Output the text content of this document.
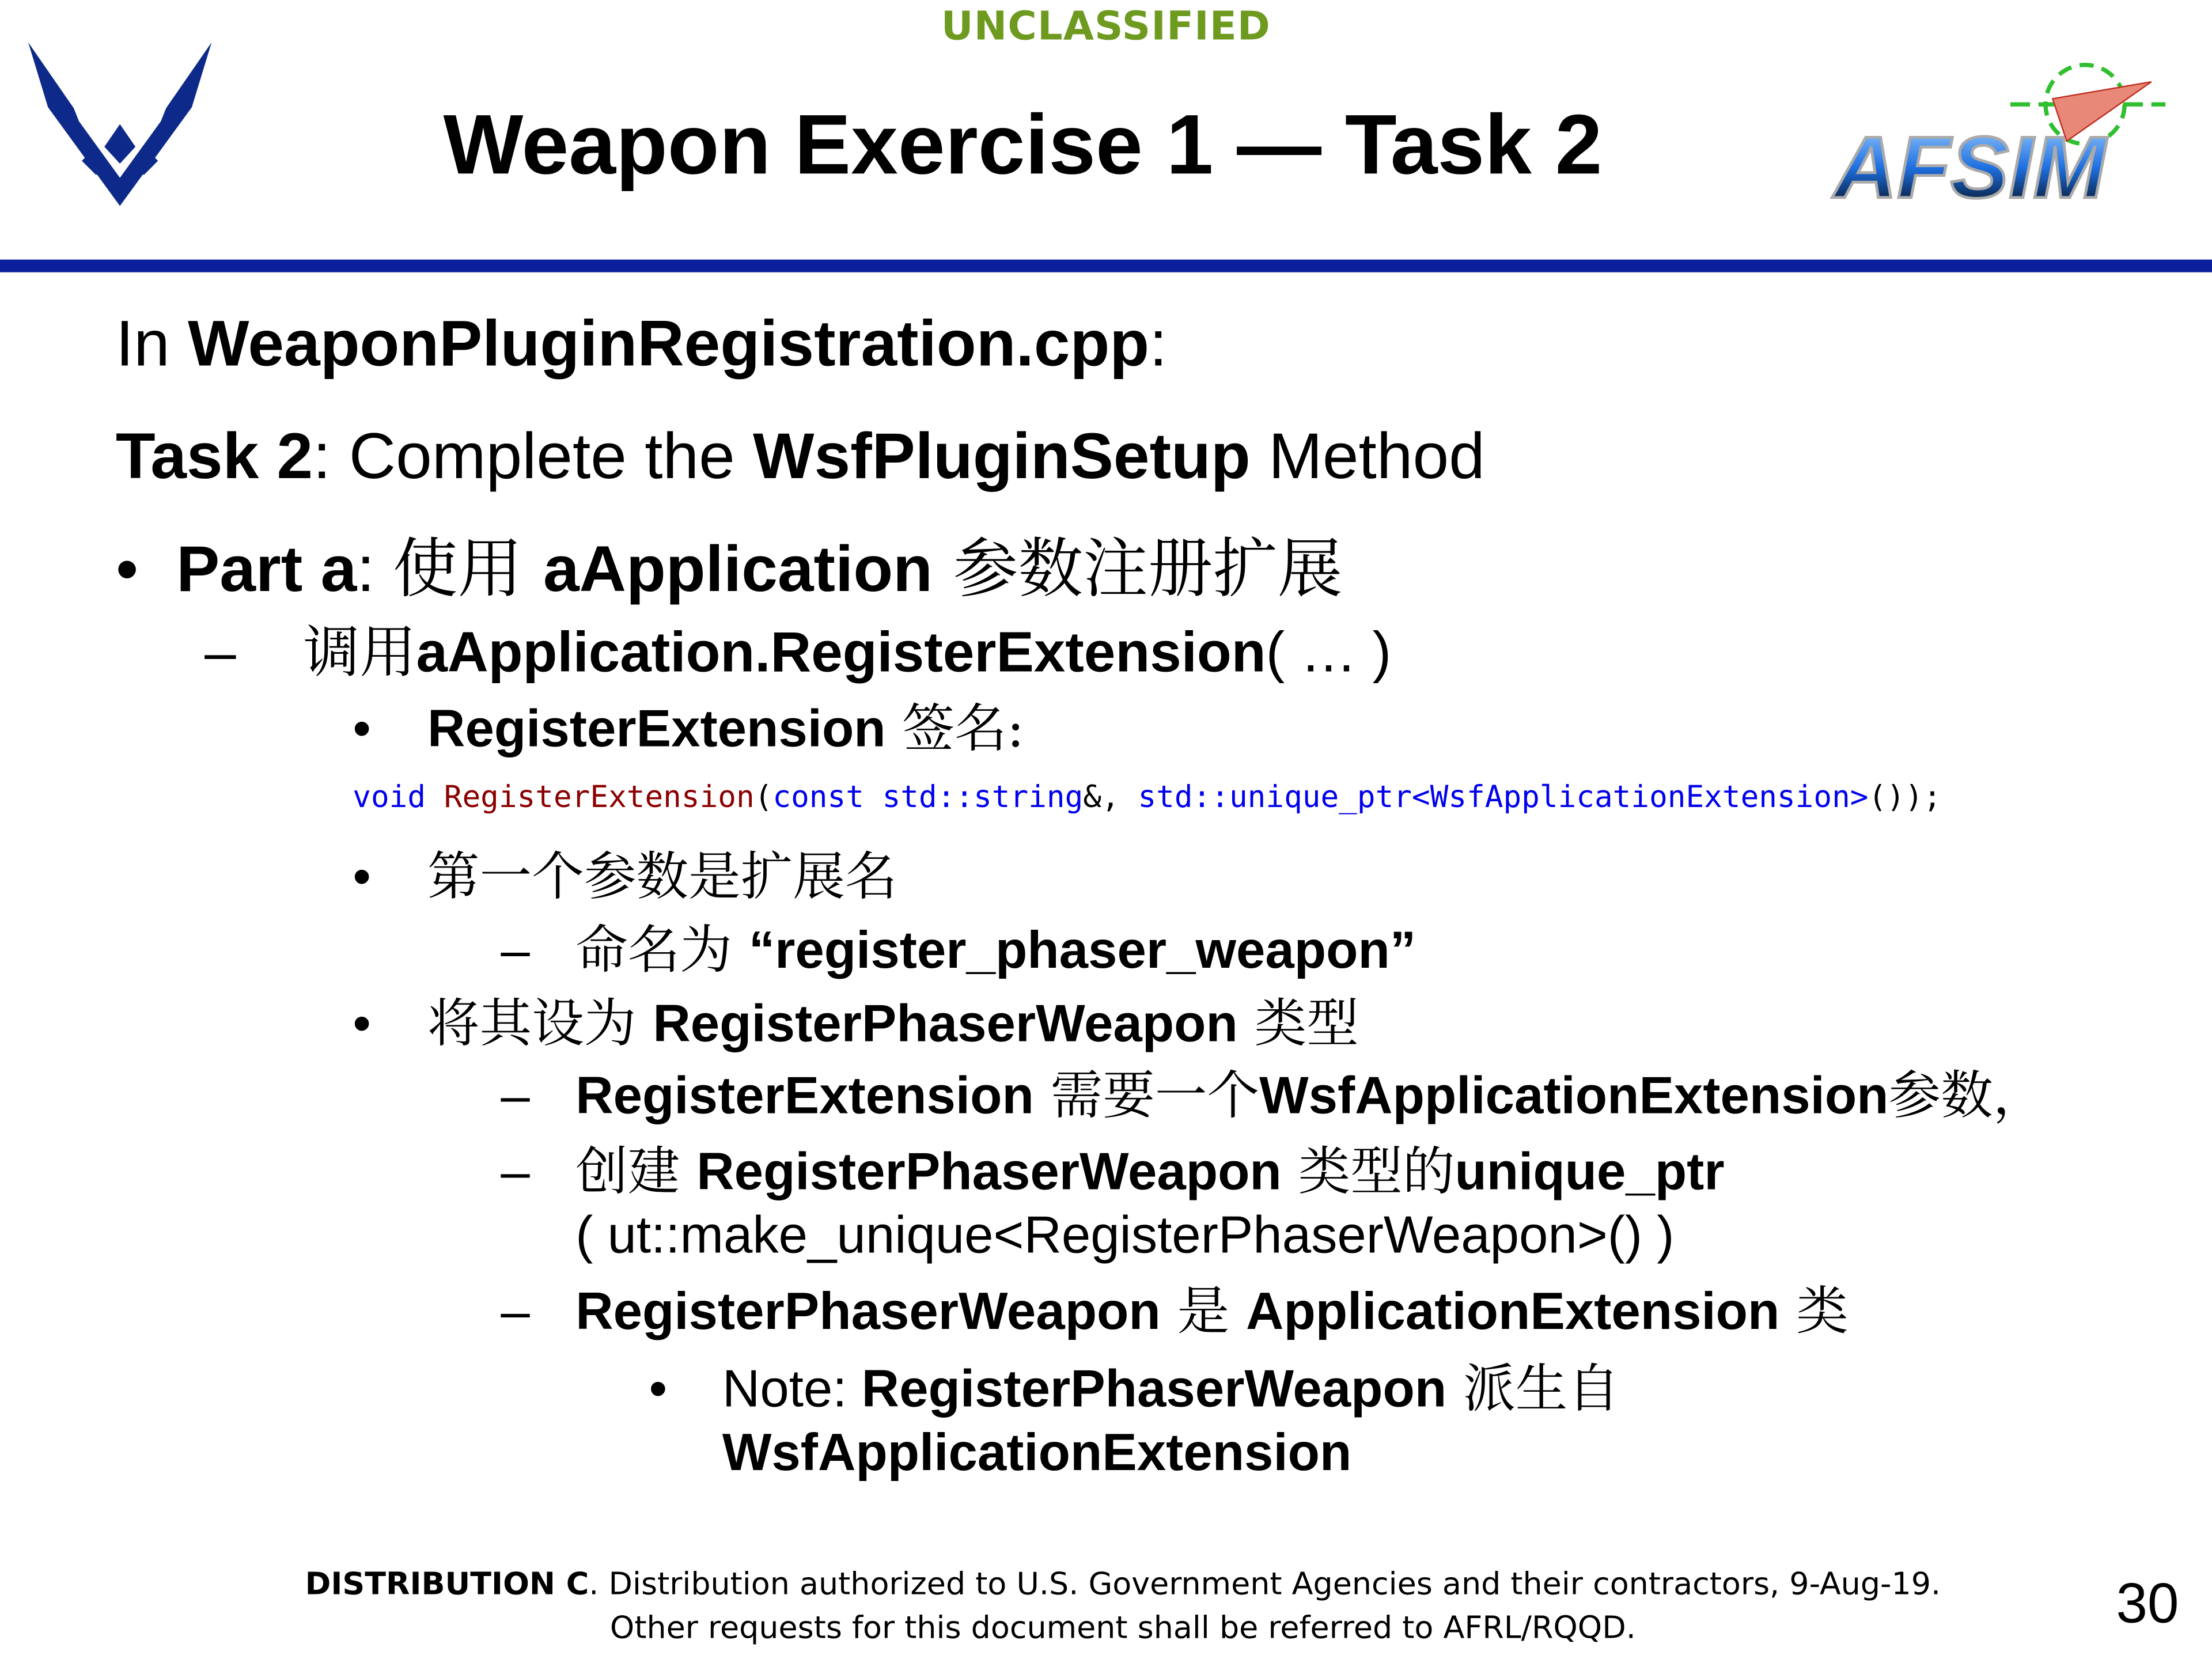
UNCLASSIFIED
Weapon Exercise 1 — Task 2	AFSIM
In WeaponPluginRegistration.cpp:
Task 2: Complete the WsfPluginSetup Method
• Part a: 使用 aApplication 参数注册扩展
–	调用aApplication.RegisterExtension( … )
•	RegisterExtension 签名:
void RegisterExtension(const std::string&, std::unique_ptr<WsfApplicationExtension>());
•	第一个参数是扩展名
– 命名为 “register_phaser_weapon”
•	将其设为 RegisterPhaserWeapon 类型
– RegisterExtension 需要一个WsfApplicationExtension参数，
– 创建 RegisterPhaserWeapon 类型的unique_ptr
( ut::make_unique<RegisterPhaserWeapon>() )
– RegisterPhaserWeapon 是 ApplicationExtension 类
•	Note: RegisterPhaserWeapon 派生自
WsfApplicationExtension
DISTRIBUTION C. Distribution authorized to U.S. Government Agencies and their contractors, 9-Aug-19.
Other requests for this document shall be referred to AFRL/RQQD.	30
